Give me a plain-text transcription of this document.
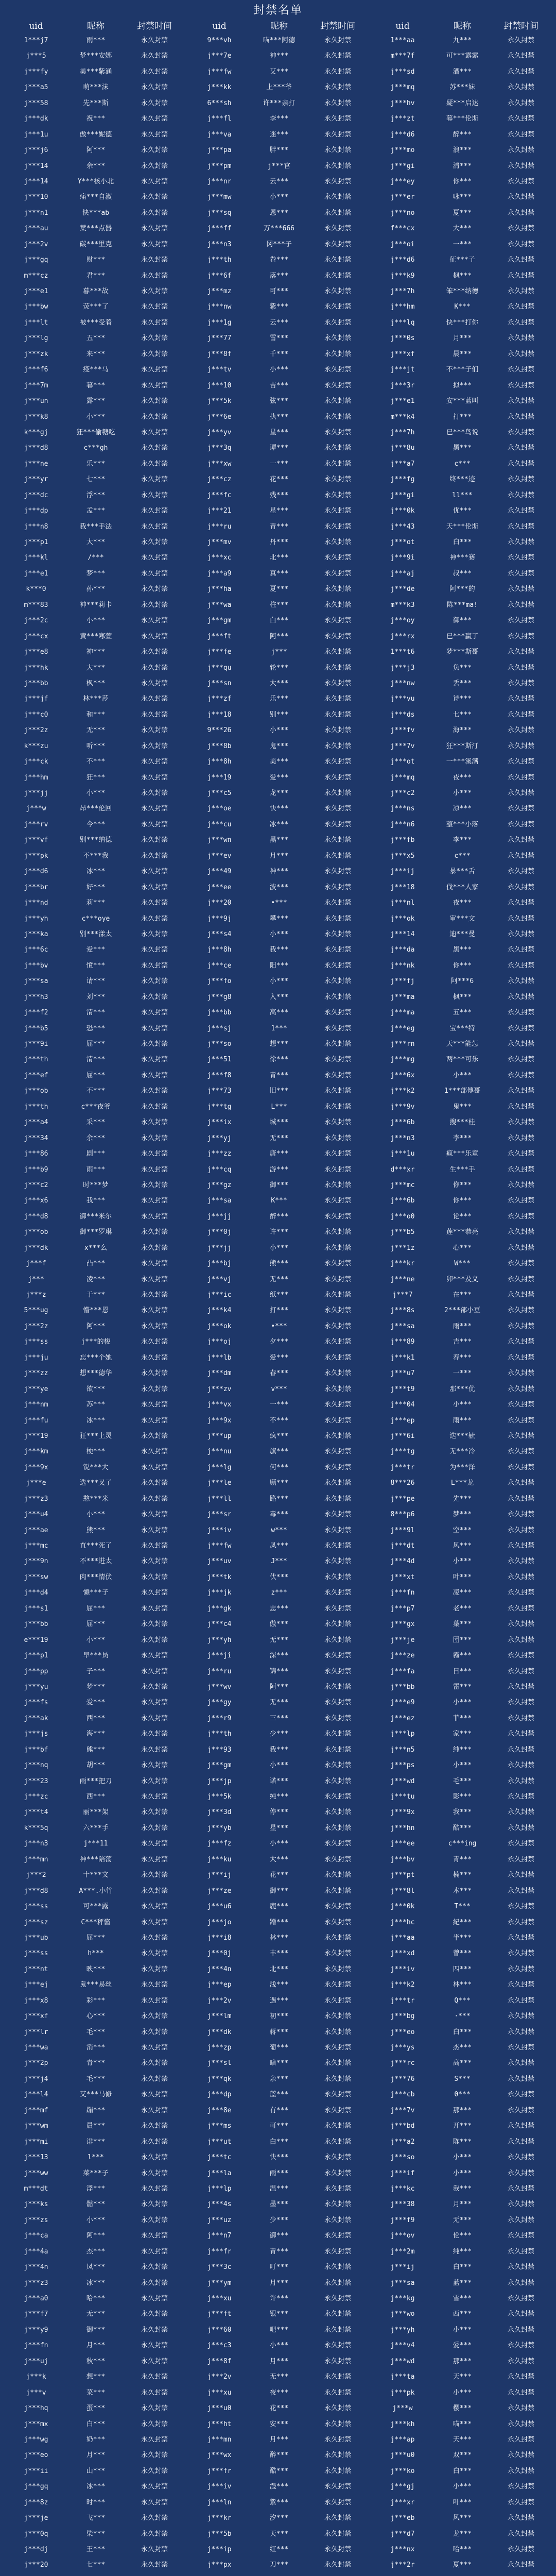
封禁名单
uid	昵称	封禁时间
1***j7	雨***	永久封禁
j***5	梦***安娜	永久封禁
j***fy	美***紫涵	永久封禁
j***a5	萌***沫	永久封禁
j***58	先***斯	永久封禁
j***dk	祝***	永久封禁
j***1u	傲***妮德	永久封禁
j***j6	阿***	永久封禁
j***14	余***	永久封禁
j***14	Y***核小北	永久封禁
j***10	痛***自淑	永久封禁
j***n1	快***ab	永久封禁
j***au	葉***点器	永久封禁
j***2v	碳***里克	永久封禁
j***gq	财***	永久封禁
m***cz	君***	永久封禁
j***e1	暮***故	永久封禁
j***bw	荧***了	永久封禁
j***lt	被***受着	永久封禁
j***lg	五***	永久封禁
j***zk	来***	永久封禁
j***f6	疫***马	永久封禁
j***7m	暮***	永久封禁
j***un	露***	永久封禁
j***k8	小***	永久封禁
k***gj	狂***偷糖吃	永久封禁
j***d8	c***gh	永久封禁
j***ne	乐***	永久封禁
j***yr	七***	永久封禁
j***dc	浮***	永久封禁
j***dp	孟***	永久封禁
j***n8	我***手法	永久封禁
j***p1	大***	永久封禁
j***kl	/***	永久封禁
j***e1	梦***	永久封禁
k***0	孙***	永久封禁
m***83	神***莉卡	永久封禁
j***2c	小***	永久封禁
j***cx	黄***寒萱	永久封禁
j***e8	神***	永久封禁
j***hk	大***	永久封禁
j***bb	枫***	永久封禁
j***jf	林***莎	永久封禁
j***c0	和***	永久封禁
j***2z	无***	永久封禁
k***zu	听***	永久封禁
j***ck	不***	永久封禁
j***hm	狂***	永久封禁
j***jj	小***	永久封禁
j***w	昂***伦回	永久封禁
j***rv	今***	永久封禁
j***vf	别***纳德	永久封禁
j***pk	不***我	永久封禁
j***d6	冰***	永久封禁
j***br	好***	永久封禁
j***nd	莉***	永久封禁
j***yh	c***oye	永久封禁
j***ka	别***漾太	永久封禁
j***6c	爱***	永久封禁
j***bv	憤***	永久封禁
j***sa	请***	永久封禁
j***h3	刘***	永久封禁
j***f2	清***	永久封禁
j***b5	恐***	永久封禁
j***9i	屈***	永久封禁
j***th	清***	永久封禁
j***ef	屈***	永久封禁
j***ob	不***	永久封禁
j***th	c***夜爷	永久封禁
j***a4	采***	永久封禁
j***34	余***	永久封禁
j***86	剧***	永久封禁
j***b9	雨***	永久封禁
j***c2	时***梦	永久封禁
j***x6	我***	永久封禁
j***d8	御***米尔	永久封禁
j***ob	御***罗琳	永久封禁
j***dk	x***么	永久封禁
j***f	凸***	永久封禁
j***	凌***	永久封禁
j***z	于***	永久封禁
5***ug	懵***恩	永久封禁
j***2z	阿***	永久封禁
j***ss	j***的梭	永久封禁
j***ju	忘***个她	永久封禁
j***zz	想***德华	永久封禁
j***ye	欲***	永久封禁
j***nm	苏***	永久封禁
j***fu	冰***	永久封禁
j***19	狂***上灵	永久封禁
j***km	梗***	永久封禁
j***9x	锐***大	永久封禁
j***e	选***叉了	永久封禁
j***z3	憨***米	永久封禁
j***u4	小***	永久封禁
j***ae	熊***	永久封禁
j***mc	直***死了	永久封禁
j***9n	不***进太	永久封禁
j***sw	肉***情伏	永久封禁
j***d4	懒***子	永久封禁
j***s1	屈***	永久封禁
j***bb	屈***	永久封禁
e***19	小***	永久封禁
j***p1	早***员	永久封禁
j***pp	子***	永久封禁
j***yu	梦***	永久封禁
j***fs	爱***	永久封禁
j***ak	西***	永久封禁
j***js	海***	永久封禁
j***bf	熊***	永久封禁
j***nq	胡***	永久封禁
j***23	雨***把刀	永久封禁
j***zc	西***	永久封禁
j***t4	丽***架	永久封禁
k***5q	六***手	永久封禁
j***n3	j***11	永久封禁
j***mn	神***陪荡	永久封禁
j***2	十***文	永久封禁
j***d8	A***.小竹	永久封禁
j***ss	可***露	永久封禁
j***sz	C***秤酱	永久封禁
j***ub	屈***	永久封禁
j***ss	h***	永久封禁
j***nt	映***	永久封禁
j***ej	鬼***易丝	永久封禁
j***x8	彩***	永久封禁
j***xf	心***	永久封禁
j***lr	毛***	永久封禁
j***wa	消***	永久封禁
j***2p	青***	永久封禁
j***j4	毛***	永久封禁
j***l4	艾***马修	永久封禁
j***mf	蹦***	永久封禁
j***wm	晨***	永久封禁
j***mi	诽***	永久封禁
j***13	l***	永久封禁
j***ww	菜***子	永久封禁
m***dt	浮***	永久封禁
j***ks	骷***	永久封禁
j***zs	小***	永久封禁
j***ca	阿***	永久封禁
j***4a	杰***	永久封禁
j***4n	凤***	永久封禁
j***z3	冰***	永久封禁
j***a0	哈***	永久封禁
j***f7	无***	永久封禁
j***y9	御***	永久封禁
j***fn	月***	永久封禁
j***uj	秋***	永久封禁
j***k	想***	永久封禁
j***v	菜***	永久封禁
j***hq	蛋***	永久封禁
j***mx	白***	永久封禁
j***wg	奶***	永久封禁
j***eo	月***	永久封禁
j***ii	山***	永久封禁
j***gq	冰***	永久封禁
j***8z	时***	永久封禁
j***je	飞***	永久封禁
j***0q	柒***	永久封禁
j***dj	王***	永久封禁
j***20	七***	永久封禁
uid	昵称	封禁时间
9***vh	喵***阿德	永久封禁
j***7e	神***	永久封禁
j***fw	艾***	永久封禁
j***kk	上***爷	永久封禁
6***sh	许***亲打	永久封禁
j***fl	李***	永久封禁
j***va	迷***	永久封禁
j***pa	胖***	永久封禁
j***pm	j***官	永久封禁
j***nr	云***	永久封禁
j***mw	小***	永久封禁
j***sq	恩***	永久封禁
j***ff	万***666	永久封禁
j***n3	冈***子	永久封禁
j***th	卷***	永久封禁
j***6f	落***	永久封禁
j***mz	可***	永久封禁
j***nw	紫***	永久封禁
j***1g	云***	永久封禁
j***77	雷***	永久封禁
j***8f	千***	永久封禁
j***tv	小***	永久封禁
j***10	吉***	永久封禁
j***5k	弦***	永久封禁
j***6e	执***	永久封禁
j***yv	星***	永久封禁
j***3q	谭***	永久封禁
j***xw	一***	永久封禁
j***cz	花***	永久封禁
j***fc	残***	永久封禁
j***21	星***	永久封禁
j***ru	青***	永久封禁
j***mv	丹***	永久封禁
j***xc	北***	永久封禁
j***a9	真***	永久封禁
j***ha	夏***	永久封禁
j***wa	柱***	永久封禁
j***gm	白***	永久封禁
j***ft	阿***	永久封禁
j***fe	j***	永久封禁
j***qu	轮***	永久封禁
j***sn	大***	永久封禁
j***zf	乐***	永久封禁
j***18	别***	永久封禁
9***26	小***	永久封禁
j***8b	鬼***	永久封禁
j***8h	美***	永久封禁
j***19	爱***	永久封禁
j***c5	龙***	永久封禁
j***oe	快***	永久封禁
j***cu	冰***	永久封禁
j***wn	黑***	永久封禁
j***ev	月***	永久封禁
j***49	神***	永久封禁
j***ee	波***	永久封禁
j***20	•***	永久封禁
j***9j	攀***	永久封禁
j***s4	小***	永久封禁
j***8h	我***	永久封禁
j***ce	阳***	永久封禁
j***fo	小***	永久封禁
j***g8	入***	永久封禁
j***bb	高***	永久封禁
j***sj	1***	永久封禁
j***so	想***	永久封禁
j***51	徐***	永久封禁
j***f8	青***	永久封禁
j***73	旧***	永久封禁
j***tg	L***	永久封禁
j***ix	城***	永久封禁
j***yj	无***	永久封禁
j***zz	唐***	永久封禁
j***cq	游***	永久封禁
j***gz	御***	永久封禁
j***sa	K***	永久封禁
j***jj	醉***	永久封禁
j***0j	许***	永久封禁
j***jj	小***	永久封禁
j***bj	熊***	永久封禁
j***vj	无***	永久封禁
j***ic	纸***	永久封禁
j***k4	打***	永久封禁
j***ok	•***	永久封禁
j***oj	夕***	永久封禁
j***lb	爱***	永久封禁
j***dm	春***	永久封禁
j***zv	v***	永久封禁
j***vx	一***	永久封禁
j***9x	不***	永久封禁
j***up	疯***	永久封禁
j***nu	旗***	永久封禁
j***lg	何***	永久封禁
j***le	顾***	永久封禁
j***ll	路***	永久封禁
j***sr	毒***	永久封禁
j***iv	w***	永久封禁
j***fw	凤***	永久封禁
j***uv	J***	永久封禁
j***tk	伏***	永久封禁
j***jk	z***	永久封禁
j***gk	忠***	永久封禁
j***c4	傲***	永久封禁
j***yh	无***	永久封禁
j***ji	深***	永久封禁
j***ru	锦***	永久封禁
j***wv	阿***	永久封禁
j***gy	无***	永久封禁
j***r9	三***	永久封禁
j***th	少***	永久封禁
j***93	我***	永久封禁
j***gm	小***	永久封禁
j***jp	诺***	永久封禁
j***5k	纯***	永久封禁
j***3d	停***	永久封禁
j***yb	星***	永久封禁
j***fz	小***	永久封禁
j***ku	大***	永久封禁
j***ij	花***	永久封禁
j***ze	御***	永久封禁
j***u6	鹿***	永久封禁
j***jo	蹭***	永久封禁
j***i8	林***	永久封禁
j***0j	丰***	永久封禁
j***4n	北***	永久封禁
j***ep	浅***	永久封禁
j***2v	遇***	永久封禁
j***lm	初***	永久封禁
j***dk	蒋***	永久封禁
j***zp	葡***	永久封禁
j***sl	暗***	永久封禁
j***qk	亲***	永久封禁
j***dp	蓝***	永久封禁
j***8e	有***	永久封禁
j***ms	可***	永久封禁
j***ut	白***	永久封禁
j***tc	快***	永久封禁
j***la	雨***	永久封禁
j***lp	温***	永久封禁
j***4s	墨***	永久封禁
j***uz	少***	永久封禁
j***n7	御***	永久封禁
j***fr	青***	永久封禁
j***3c	叮***	永久封禁
j***ym	月***	永久封禁
j***xu	许***	永久封禁
j***ft	银***	永久封禁
j***60	吧***	永久封禁
j***c3	小***	永久封禁
j***8f	月***	永久封禁
j***2v	无***	永久封禁
j***xu	夜***	永久封禁
j***u0	花***	永久封禁
j***ht	安***	永久封禁
j***mn	月***	永久封禁
j***wx	醉***	永久封禁
j***fr	酷***	永久封禁
j***iv	漫***	永久封禁
j***ln	紫***	永久封禁
j***kr	汐***	永久封禁
j***5b	天***	永久封禁
j***ip	红***	永久封禁
j***px	刀***	永久封禁
uid	昵称	封禁时间
1***aa	九***	永久封禁
m***7f	可***露露	永久封禁
j***sd	酒***	永久封禁
j***mq	苏***妹	永久封禁
j***hv	疑***启达	永久封禁
j***zt	暮***伦斯	永久封禁
j***d6	醉***	永久封禁
j***mo	浪***	永久封禁
j***gi	清***	永久封禁
j***ey	你***	永久封禁
j***er	咏***	永久封禁
j***no	夏***	永久封禁
f***cx	大***	永久封禁
j***oi	一***	永久封禁
j***d6	征***子	永久封禁
j***k9	枫***	永久封禁
j***7h	笨***纳德	永久封禁
j***hm	K***	永久封禁
j***lq	快***打你	永久封禁
j***0s	月***	永久封禁
j***xf	晨***	永久封禁
j***jt	不***子们	永久封禁
j***3r	拟***	永久封禁
j***e1	安***蓝叫	永久封禁
m***k4	打***	永久封禁
j***7h	已***鸟说	永久封禁
j***8u	黑***	永久封禁
j***a7	c***	永久封禁
j***fg	终***迹	永久封禁
j***gi	ll***	永久封禁
j***0k	优***	永久封禁
j***43	天***伦斯	永久封禁
j***ot	白***	永久封禁
j***9i	神***赛	永久封禁
j***aj	叔***	永久封禁
j***de	阿***的	永久封禁
m***k3	陈***ma!	永久封禁
j***oy	御***	永久封禁
j***rx	已***赢了	永久封禁
1***t6	梦***斯哥	永久封禁
j***j3	负***	永久封禁
j***nw	丢***	永久封禁
j***vu	诗***	永久封禁
j***ds	七***	永久封禁
j***fv	海***	永久封禁
j***7v	狂***斯汀	永久封禁
j***ot	一***溪满	永久封禁
j***mq	夜***	永久封禁
j***c2	小***	永久封禁
j***ns	凉***	永久封禁
j***n6	整***小落	永久封禁
j***fb	李***	永久封禁
j***x5	c***	永久封禁
j***ij	暴***舌	永久封禁
j***18	伐***人家	永久封禁
j***nl	夜***	永久封禁
j***ok	审***文	永久封禁
j***14	迪***曼	永久封禁
j***da	黑***	永久封禁
j***nk	你***	永久封禁
j***fj	阿***6	永久封禁
j***ma	枫***	永久封禁
j***ma	五***	永久封禁
j***eg	宝***特	永久封禁
j***rn	天***能怎	永久封禁
j***mg	两***可乐	永久封禁
j***6x	小***	永久封禁
j***k2	1***部傳哥	永久封禁
j***9v	鬼***	永久封禁
j***6b	搜***桂	永久封禁
j***n3	李***	永久封禁
j***1u	疯***乐童	永久封禁
d***xr	生***手	永久封禁
j***mc	你***	永久封禁
j***6b	你***	永久封禁
j***o0	论***	永久封禁
j***b5	莲***恭亮	永久封禁
j***1z	心***	永久封禁
j***kr	W***	永久封禁
j***ne	卯***及义	永久封禁
j***7	在***	永久封禁
j***8s	2***部小豆	永久封禁
j***sa	雨***	永久封禁
j***89	吉***	永久封禁
j***k1	春***	永久封禁
j***u7	一***	永久封禁
j***t9	那***优	永久封禁
j***04	小***	永久封禁
j***ep	雨***	永久封禁
j***6i	迭***毓	永久封禁
j***tg	无***冷	永久封禁
j***tr	为***泽	永久封禁
8***26	L***龙	永久封禁
j***pe	先***	永久封禁
8***p6	梦***	永久封禁
j***9l	空***	永久封禁
j***dt	风***	永久封禁
j***4d	小***	永久封禁
j***xt	叶***	永久封禁
j***fn	凌***	永久封禁
j***p7	老***	永久封禁
j***gx	葉***	永久封禁
j***je	団***	永久封禁
j***ze	霧***	永久封禁
j***fa	日***	永久封禁
j***bb	雷***	永久封禁
j***e9	小***	永久封禁
j***ez	菲***	永久封禁
j***lp	家***	永久封禁
j***n5	纯***	永久封禁
j***ps	小***	永久封禁
j***wd	毛***	永久封禁
j***tu	影***	永久封禁
j***9x	我***	永久封禁
j***hn	酷***	永久封禁
j***ee	c***ing	永久封禁
j***bv	青***	永久封禁
j***pt	楠***	永久封禁
j***8l	木***	永久封禁
j***0k	T***	永久封禁
j***hc	紀***	永久封禁
j***aa	半***	永久封禁
j***xd	曾***	永久封禁
j***iv	四***	永久封禁
j***k2	林***	永久封禁
j***tr	Q***	永久封禁
j***bg	·***	永久封禁
j***eo	白***	永久封禁
j***ys	杰***	永久封禁
j***rc	高***	永久封禁
j***76	S***	永久封禁
j***cb	0***	永久封禁
j***7v	那***	永久封禁
j***bd	开***	永久封禁
j***a2	陈***	永久封禁
j***so	小***	永久封禁
j***if	小***	永久封禁
j***kc	我***	永久封禁
j***38	月***	永久封禁
j***f9	无***	永久封禁
j***ov	伦***	永久封禁
j***2m	纯***	永久封禁
j***ij	白***	永久封禁
j***sa	蓝***	永久封禁
j***kg	雪***	永久封禁
j***wo	西***	永久封禁
j***yh	小***	永久封禁
j***v4	爱***	永久封禁
j***wd	那***	永久封禁
j***ta	天***	永久封禁
j***pk	小***	永久封禁
j***w	樱***	永久封禁
j***kh	喵***	永久封禁
j***ap	天***	永久封禁
j***u0	双***	永久封禁
j***ko	白***	永久封禁
j***gj	小***	永久封禁
j***xr	叶***	永久封禁
j***eb	风***	永久封禁
j***d7	龙***	永久封禁
j***nx	哈***	永久封禁
j***2r	夏***	永久封禁
